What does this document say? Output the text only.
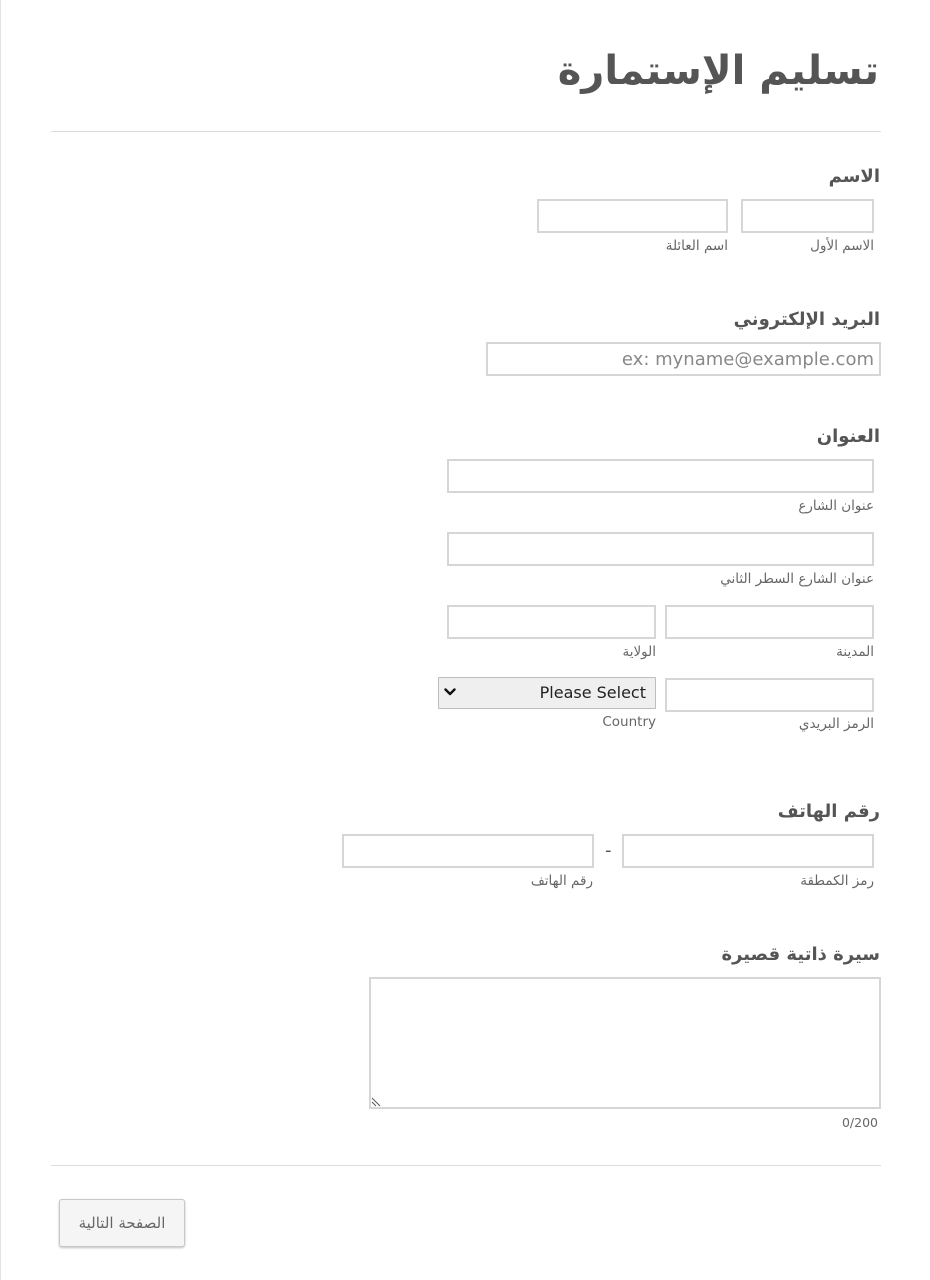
تسليم الإستمارة
الاسم
الاسم الأول
اسم العائلة
البريد الإلكتروني
ex: myname@example.com
العنوان
عنوان الشارع
عنوان الشارع السطر الثاني
المدينة
الولاية
Please Select
الرمز البريدي
Country
رقم الهاتف
-
رمز الكمطقة
رقم الهاتف
سيرة ذاتية قصيرة
0/200
الصفحة التالية
